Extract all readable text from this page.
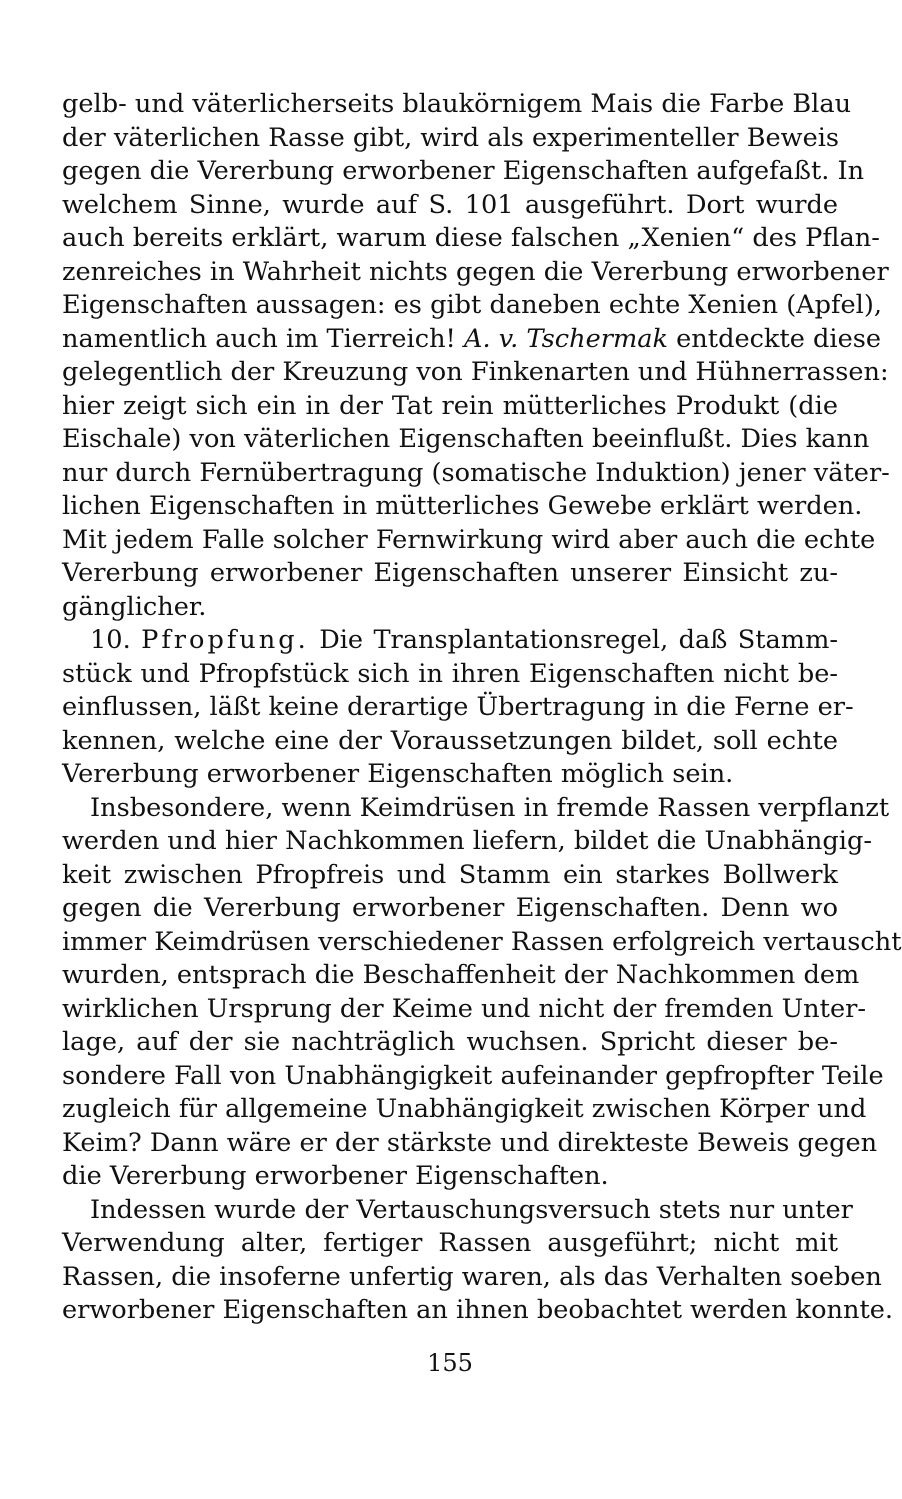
gelb- und väterlicherseits blaukörnigem Mais die Farbe Blau
der väterlichen Rasse gibt, wird als experimenteller Beweis
gegen die Vererbung erworbener Eigenschaften aufgefaßt. In
welchem Sinne, wurde auf S. 101 ausgeführt. Dort wurde
auch bereits erklärt, warum diese falschen „Xenien“ des Pflan-
zenreiches in Wahrheit nichts gegen die Vererbung erworbener
Eigenschaften aussagen: es gibt daneben echte Xenien (Apfel),
namentlich auch im Tierreich! A. v. Tschermak entdeckte diese
gelegentlich der Kreuzung von Finkenarten und Hühnerrassen:
hier zeigt sich ein in der Tat rein mütterliches Produkt (die
Eischale) von väterlichen Eigenschaften beeinflußt. Dies kann
nur durch Fernübertragung (somatische Induktion) jener väter-
lichen Eigenschaften in mütterliches Gewebe erklärt werden.
Mit jedem Falle solcher Fernwirkung wird aber auch die echte
Vererbung erworbener Eigenschaften unserer Einsicht zu-
gänglicher.
10. Pfropfung. Die Transplantationsregel, daß Stamm-
stück und Pfropfstück sich in ihren Eigenschaften nicht be-
einflussen, läßt keine derartige Übertragung in die Ferne er-
kennen, welche eine der Voraussetzungen bildet, soll echte
Vererbung erworbener Eigenschaften möglich sein.
Insbesondere, wenn Keimdrüsen in fremde Rassen verpflanzt
werden und hier Nachkommen liefern, bildet die Unabhängig-
keit zwischen Pfropfreis und Stamm ein starkes Bollwerk
gegen die Vererbung erworbener Eigenschaften. Denn wo
immer Keimdrüsen verschiedener Rassen erfolgreich vertauscht
wurden, entsprach die Beschaffenheit der Nachkommen dem
wirklichen Ursprung der Keime und nicht der fremden Unter-
lage, auf der sie nachträglich wuchsen. Spricht dieser be-
sondere Fall von Unabhängigkeit aufeinander gepfropfter Teile
zugleich für allgemeine Unabhängigkeit zwischen Körper und
Keim? Dann wäre er der stärkste und direkteste Beweis gegen
die Vererbung erworbener Eigenschaften.
Indessen wurde der Vertauschungsversuch stets nur unter
Verwendung alter, fertiger Rassen ausgeführt; nicht mit
Rassen, die insoferne unfertig waren, als das Verhalten soeben
erworbener Eigenschaften an ihnen beobachtet werden konnte.
155
